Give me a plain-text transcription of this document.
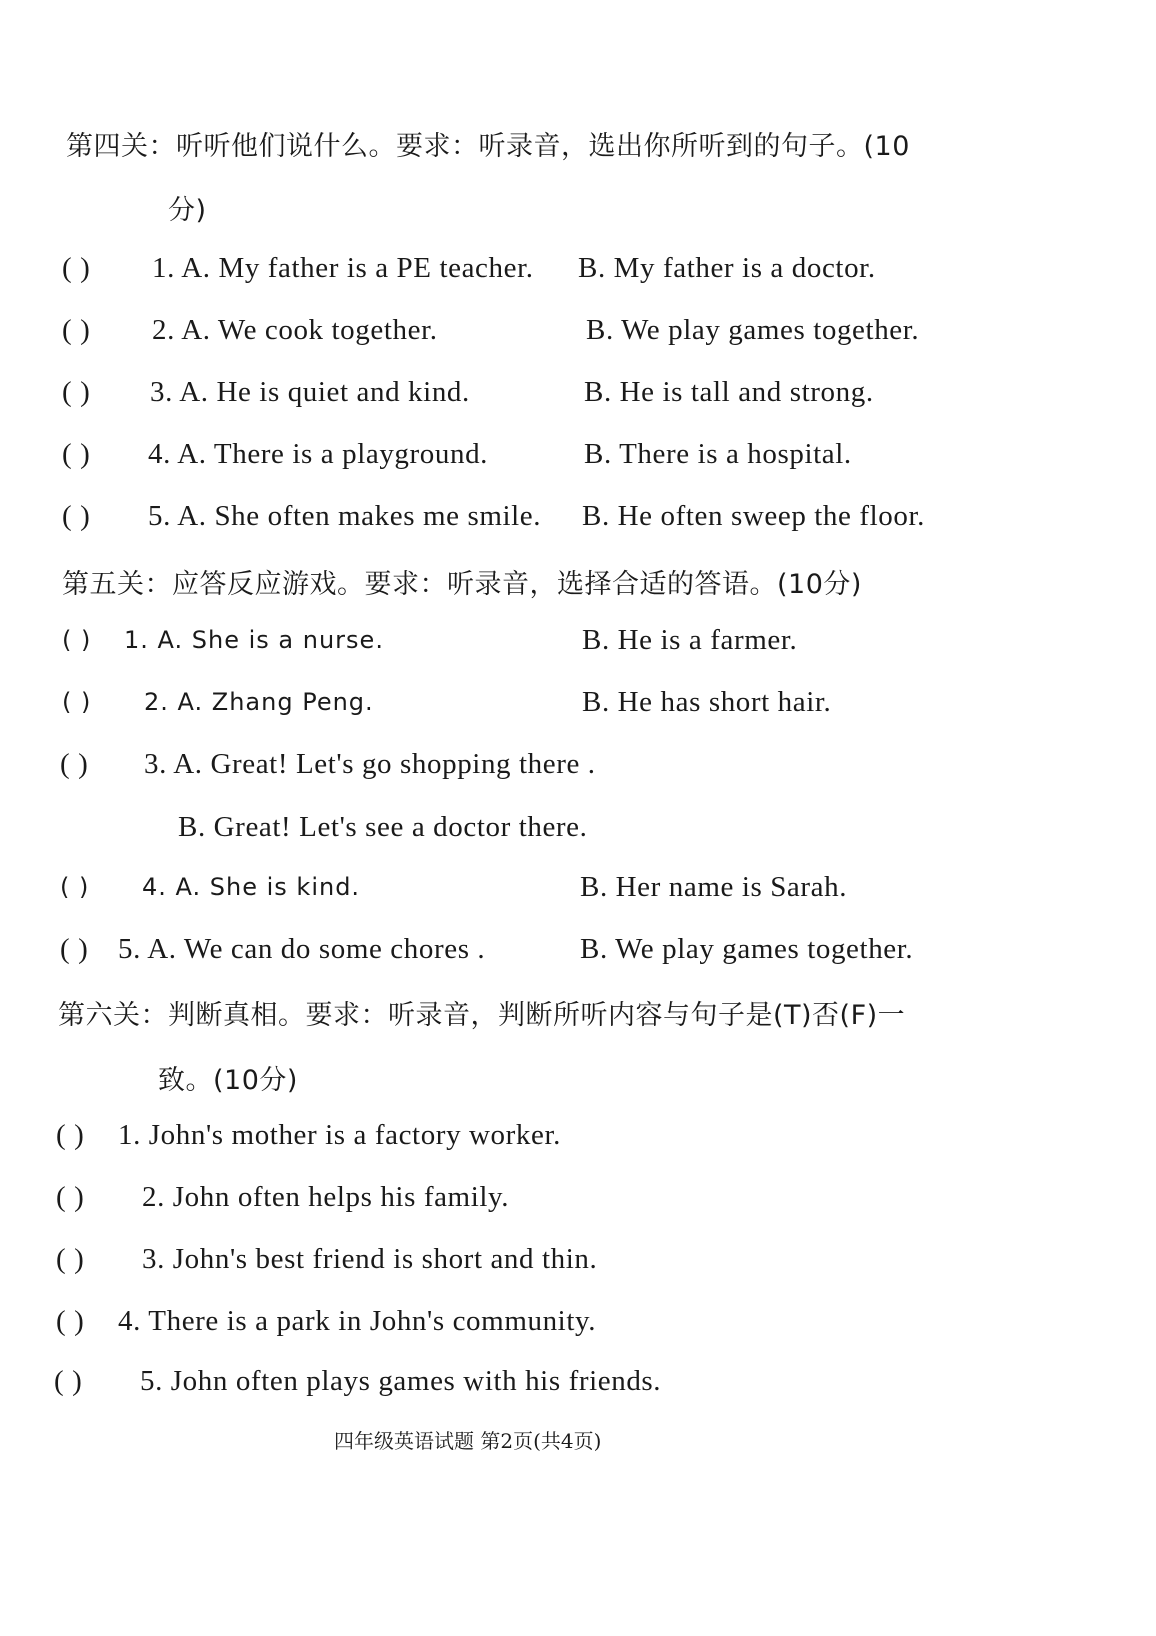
第四关：听听他们说什么。要求：听录音，选出你所听到的句子。(10
分)
( ) 1. A. My father is a PE teacher. B. My father is a doctor.
( ) 2. A. We cook together.	B. We play games together.
( ) 3. A. He is quiet and kind.	B. He is tall and strong.
( ) 4. A. There is a playground.	B. There is a hospital.
( ) 5. A. She often makes me smile. B. He often sweep the floor.
第五关：应答反应游戏。要求：听录音，选择合适的答语。(10分)
( ) 1. A. She is a nurse.	B. He is a farmer.
( ) 2. A. Zhang Peng.	B. He has short hair.
( ) 3. A. Great! Let's go shopping there .
B. Great! Let's see a doctor there.
( ) 4. A. She is kind.	B. Her name is Sarah.
( ) 5. A. We can do some chores .	B. We play games together.
第六关：判断真相。要求：听录音，判断所听内容与句子是(T)否(F)一
致。(10分)
( ) 1. John's mother is a factory worker.
( ) 2. John often helps his family.
( ) 3. John's best friend is short and thin.
( ) 4. There is a park in John's community.
( ) 5. John often plays games with his friends.
四年级英语试题 第2页(共4页)
